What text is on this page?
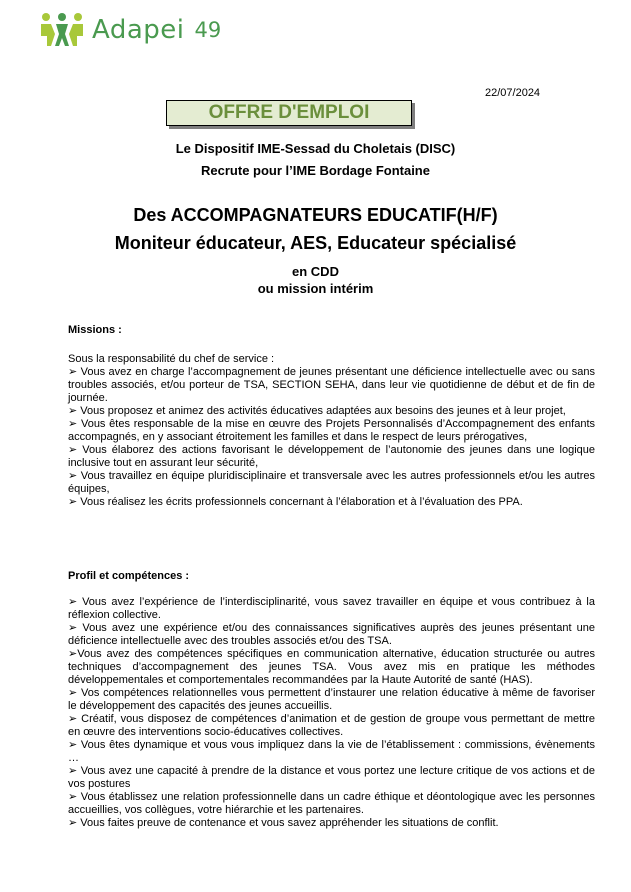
Adapei 49
22/07/2024
OFFRE D'EMPLOI
Le Dispositif IME-Sessad du Choletais (DISC)
Recrute pour l’IME Bordage Fontaine
Des ACCOMPAGNATEURS EDUCATIF(H/F)
Moniteur éducateur, AES, Educateur spécialisé
en CDD
ou mission intérim
Missions :

Sous la responsabilité du chef de service :

➢ Vous avez en charge l’accompagnement de jeunes présentant une déficience intellectuelle avec ou sans troubles associés, et/ou porteur de TSA, SECTION SEHA, dans leur vie quotidienne de début et de fin de journée.

➢ Vous proposez et animez des activités éducatives adaptées aux besoins des jeunes et à leur projet,

➢ Vous êtes responsable de la mise en œuvre des Projets Personnalisés d’Accompagnement des enfants accompagnés, en y associant étroitement les familles et dans le respect de leurs prérogatives,

➢ Vous élaborez des actions favorisant le développement de l’autonomie des jeunes dans une logique inclusive tout en assurant leur sécurité,

➢ Vous travaillez en équipe pluridisciplinaire et transversale avec les autres professionnels et/ou les autres équipes,

➢ Vous réalisez les écrits professionnels concernant à l’élaboration et à l’évaluation des PPA.

Profil et compétences :

➢ Vous avez l’expérience de l’interdisciplinarité, vous savez travailler en équipe et vous contribuez à la réflexion collective.

➢ Vous avez une expérience et/ou des connaissances significatives auprès des jeunes présentant une déficience intellectuelle avec des troubles associés et/ou des TSA.

➢Vous avez des compétences spécifiques en communication alternative, éducation structurée ou autres techniques d’accompagnement des jeunes TSA. Vous avez mis en pratique les méthodes développementales et comportementales recommandées par la Haute Autorité de santé (HAS).

➢ Vos compétences relationnelles vous permettent d’instaurer une relation éducative à même de favoriser le développement des capacités des jeunes accueillis.

➢ Créatif, vous disposez de compétences d’animation et de gestion de groupe vous permettant de mettre en œuvre des interventions socio-éducatives collectives.

➢ Vous êtes dynamique et vous vous impliquez dans la vie de l’établissement : commissions, évènements …

➢ Vous avez une capacité à prendre de la distance et vous portez une lecture critique de vos actions et de vos postures

➢ Vous établissez une relation professionnelle dans un cadre éthique et déontologique avec les personnes accueillies, vos collègues, votre hiérarchie et les partenaires.

➢ Vous faites preuve de contenance et vous savez appréhender les situations de conflit.
